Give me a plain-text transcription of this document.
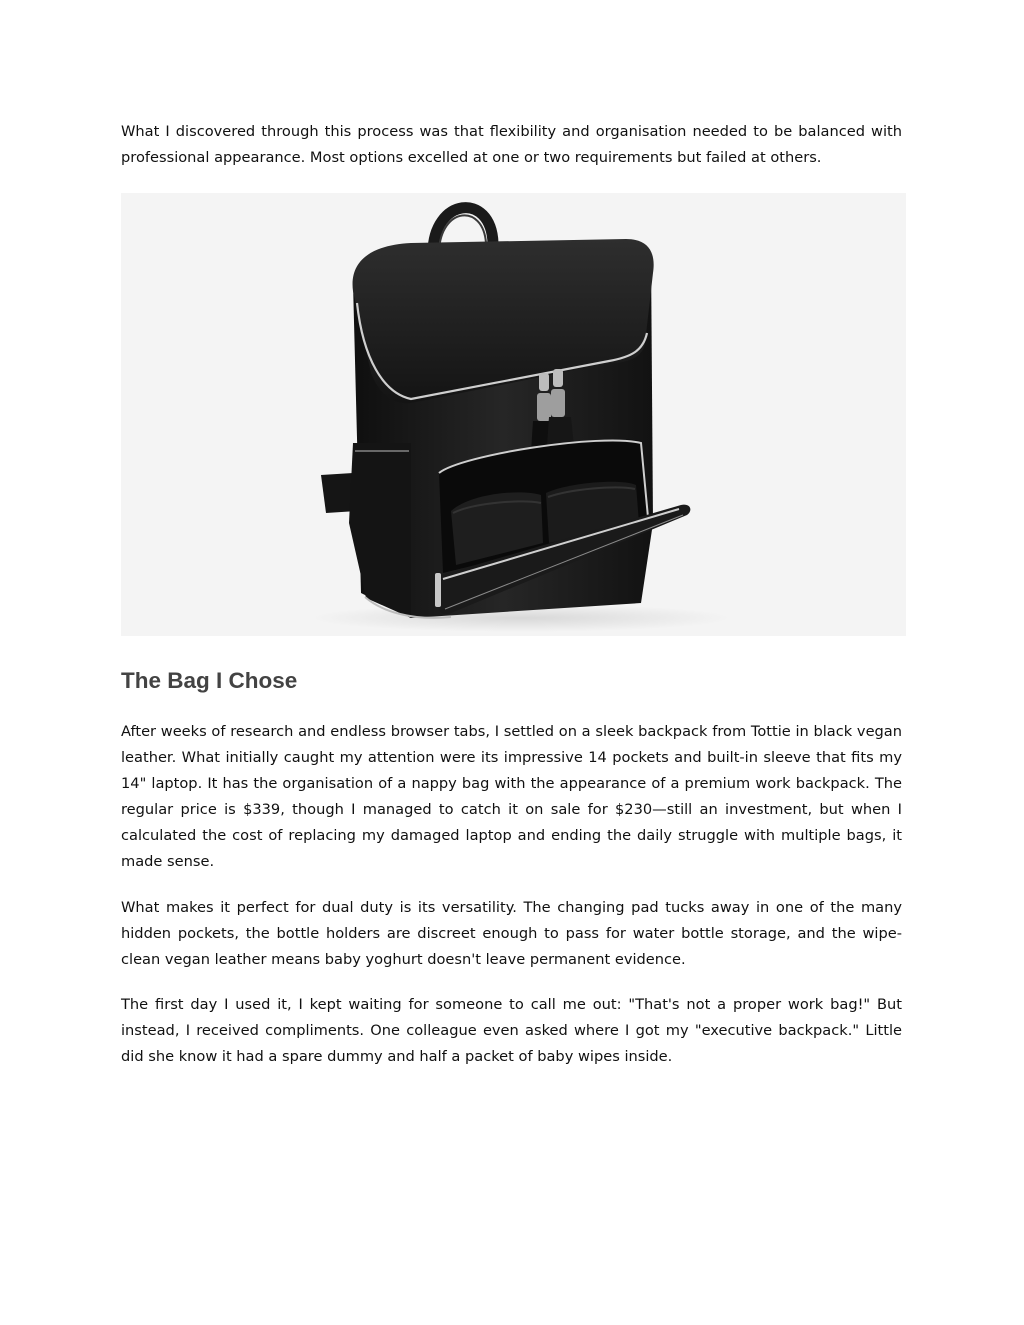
What I discovered through this process was that flexibility and organisation needed to be balanced with professional appearance. Most options excelled at one or two requirements but failed at others.

The Bag I Chose

After weeks of research and endless browser tabs, I settled on a sleek backpack from Tottie in black vegan leather. What initially caught my attention were its impressive 14 pockets and built-in sleeve that fits my 14" laptop. It has the organisation of a nappy bag with the appearance of a premium work backpack. The regular price is $339, though I managed to catch it on sale for $230—still an investment, but when I calculated the cost of replacing my damaged laptop and ending the daily struggle with multiple bags, it made sense.

What makes it perfect for dual duty is its versatility. The changing pad tucks away in one of the many hidden pockets, the bottle holders are discreet enough to pass for water bottle storage, and the wipe-clean vegan leather means baby yoghurt doesn't leave permanent evidence.

The first day I used it, I kept waiting for someone to call me out: "That's not a proper work bag!" But instead, I received compliments. One colleague even asked where I got my "executive backpack." Little did she know it had a spare dummy and half a packet of baby wipes inside.
